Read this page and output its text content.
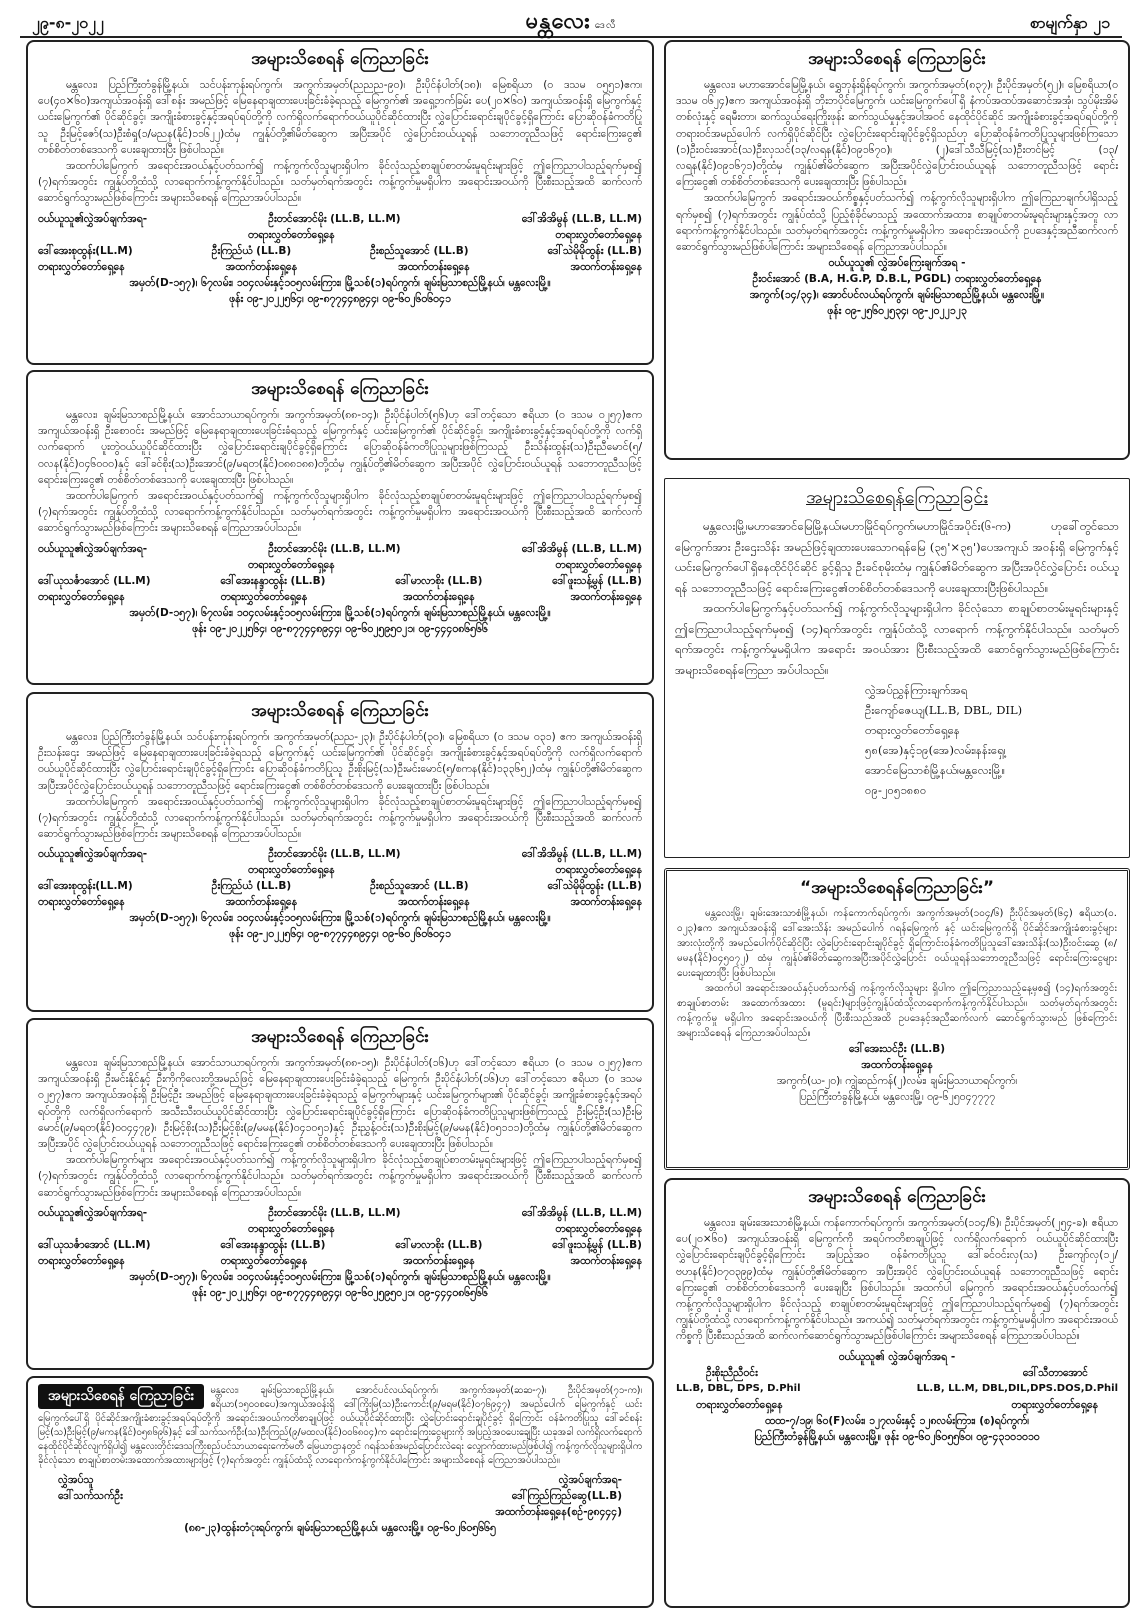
၂၉-၈-၂၀၂၂	မန္တလေး ဒေလီ	စာမျက်နှာ ၂၁
အများသိစေရန် ကြေညာခြင်း
မန္တလေး၊ ပြည်ကြီးတံခွန်မြို့နယ်၊ သင်ပန်းကုန်းရပ်ကွက်၊ အကွက်အမှတ်(ညညည-၉၀)၊ ဦးပိုင်နံပါတ်(၁၈)၊ မြေစရိယာ (၀ ဒသမ ၀၅၅၁)ဧက၊ ပေ(၄၀×၆၀)အကျယ်အဝန်းရှိ ဒေါ်စန်း အမည်ဖြင့် မြေနေရာချထားပေးခြင်းခံခဲ့ရသည့် မြေကွက်၏ အရှေ့ဘက်ခြမ်း ပေ(၂၀×၆၀) အကျယ်အဝန်းရှိ မြေကွက်နှင့် ယင်းမြေကွက်၏ ပိုင်ဆိုင်ခွင့်၊ အကျိုးခံစားခွင့်နှင့်အရပ်ရပ်တို့ကို လက်ရှိလက်ရောက်ဝယ်ယူပိုင်ဆိုင်ထားပြီး လွှဲပြောင်းရောင်းချပိုင်ခွင့်ရှိကြောင်း ပြောဆိုဝန်ခံကတိပြုသူ ဦးမြင့်ဇော်(သ)ဦးစံရှု(၁/မညန(နိုင်)၁၁၆၂၂)ထံမှ ကျွန်ုပ်တို့၏မိတ်ဆွေက အပြီးအပိုင် လွှဲပြောင်းဝယ်ယူရန် သဘောတူညီသဖြင့် ရောင်းကြေးငွေ၏ တစ်စိတ်တစ်ဒေသကို ပေးချေထားပြီး ဖြစ်ပါသည်။
အထက်ပါမြေကွက် အရောင်းအဝယ်နှင့်ပတ်သက်၍ ကန့်ကွက်လိုသူများရှိပါက ခိုင်လုံသည့်စာချုပ်စာတမ်းမူရင်းများဖြင့် ဤကြေညာပါသည့်ရက်မှစ၍ (၇)ရက်အတွင်း ကျွန်ုပ်တို့ထံသို့ လာရောက်ကန့်ကွက်နိုင်ပါသည်။ သတ်မှတ်ရက်အတွင်း ကန့်ကွက်မှုမရှိပါက အရောင်းအဝယ်ကို ပြီးစီးသည့်အထိ ဆက်လက်ဆောင်ရွက်သွားမည်ဖြစ်ကြောင်း အများသိစေရန် ကြေညာအပ်ပါသည်။
ဝယ်ယူသူ၏လွှဲအပ်ချက်အရ-	ဦးတင်အောင်မိုး (LL.B, LL.M)	ဒေါ်အိအိမွန် (LL.B, LL.M)
တရားလွှတ်တော်ရှေ့နေ	တရားလွှတ်တော်ရှေ့နေ
ဒေါ်အေးစုထွန်း(LL.M)	ဦးကြည်ယံ (LL.B)	ဦးစည်သူအောင် (LL.B)	ဒေါ်သဲမိုမိုထွန်း (LL.B)
တရားလွှတ်တော်ရှေ့နေ	အထက်တန်းရှေ့နေ	အထက်တန်းရှေ့နေ	အထက်တန်းရှေ့နေ
အမှတ်(D-၁၅၇)၊ ၆၇လမ်း၊ ၁၀၄လမ်းနှင့်၁၀၅လမ်းကြား၊ မြို့သစ်(၁)ရပ်ကွက်၊ ချမ်းမြသာစည်မြို့နယ်၊ မန္တလေးမြို့။
ဖုန်း ၀၉-၂၀၂၂၅၆၄၊ ၀၉-၈၇၇၄၄၈၉၄၄၊ ၀၉-၆၀၂၆၀၆၀၄၁
အများသိစေရန် ကြေညာခြင်း
မန္တလေး၊ ချမ်းမြသာစည်မြို့နယ်၊ အောင်သာယာရပ်ကွက်၊ အကွက်အမှတ်(၈၈-၁၄)၊ ဦးပိုင်နံပါတ်(၅၆)ဟု ဒေါ်တင့်သော ဧရိယာ (၀ ဒသမ ၀၂၅၇)ဧက အကျယ်အဝန်းရှိ ဦးစောဝင်း အမည်ဖြင့် မြေနေရာချထားပေးခြင်းခံရသည့် မြေကွက်နှင့် ယင်းမြေကွက်၏ ပိုင်ဆိုင်ခွင့်၊ အကျိုးခံစားခွင့်နှင့်အရပ်ရပ်တို့ကို လက်ရှိလက်ရောက် ပူးတွဲဝယ်ယူပိုင်ဆိုင်ထားပြီး လွှဲပြောင်းရောင်းချပိုင်ခွင့်ရှိကြောင်း ပြောဆိုဝန်ခံကတိပြုသူများဖြစ်ကြသည့် ဦးသိန်းထွန်း(သ)ဦးညီမောင်(၅/ဝလန(နိုင်)၀၄၆၀၀၀)နှင့် ဒေါ်ခင်စိုး(သ)ဦးအောင်(၉/မရတ(နိုင်)၀၈၈၁၈၈)တို့ထံမှ ကျွန်ုပ်တို့၏မိတ်ဆွေက အပြီးအပိုင် လွှဲပြောင်းဝယ်ယူရန် သဘောတူညီသဖြင့် ရောင်းကြေးငွေ၏ တစ်စိတ်တစ်ဒေသကို ပေးချေထားပြီး ဖြစ်ပါသည်။
အထက်ပါမြေကွက် အရောင်းအဝယ်နှင့်ပတ်သက်၍ ကန့်ကွက်လိုသူများရှိပါက ခိုင်လုံသည့်စာချုပ်စာတမ်းမူရင်းများဖြင့် ဤကြေညာပါသည့်ရက်မှစ၍ (၇)ရက်အတွင်း ကျွန်ုပ်တို့ထံသို့ လာရောက်ကန့်ကွက်နိုင်ပါသည်။ သတ်မှတ်ရက်အတွင်း ကန့်ကွက်မှုမရှိပါက အရောင်းအဝယ်ကို ပြီးစီးသည့်အထိ ဆက်လက်ဆောင်ရွက်သွားမည်ဖြစ်ကြောင်း အများသိစေရန် ကြေညာအပ်ပါသည်။
ဝယ်ယူသူ၏လွှဲအပ်ချက်အရ-	ဦးတင်အောင်မိုး (LL.B, LL.M)	ဒေါ်အိအိမွန် (LL.B, LL.M)
တရားလွှတ်တော်ရှေ့နေ	တရားလွှတ်တော်ရှေ့နေ
ဒေါ်ယုသင်္ဇာအောင် (LL.M)	ဒေါ်အေးနန္ဒာထွန်း (LL.B)	ဒေါ်မာလာစိုး (LL.B)	ဒေါ်ဖူးသန့်မွန် (LL.B)
တရားလွှတ်တော်ရှေ့နေ	တရားလွှတ်တော်ရှေ့နေ	အထက်တန်းရှေ့နေ	အထက်တန်းရှေ့နေ
အမှတ်(D-၁၅၇)၊ ၆၇လမ်း၊ ၁၀၄လမ်းနှင့်၁၀၅လမ်းကြား၊ မြို့သစ်(၁)ရပ်ကွက်၊ ချမ်းမြသာစည်မြို့နယ်၊ မန္တလေးမြို့။
ဖုန်း ၀၉-၂၀၂၂၅၆၄၊ ၀၉-၈၇၇၄၄၈၉၄၄၊ ၀၉-၆၀၂၅၉၅၀၂၁၊ ၀၉-၄၄၄၀၈၆၅၆၆
အများသိစေရန် ကြေညာခြင်း
မန္တလေး၊ ပြည်ကြီးတံခွန်မြို့နယ်၊ သင်ပန်းကုန်းရပ်ကွက်၊ အကွက်အမှတ်(ညည-၂၃)၊ ဦးပိုင်နံပါတ်(၃၀)၊ မြေစရိယာ (၀ ဒသမ ၀၃၁) ဧက အကျယ်အဝန်းရှိ ဦးသန်းဌေး အမည်ဖြင့် မြေနေရာချထားပေးခြင်းခံခဲ့ရသည့် မြေကွက်နှင့် ယင်းမြေကွက်၏ ပိုင်ဆိုင်ခွင့်၊ အကျိုးခံစားခွင့်နှင့်အရပ်ရပ်တို့ကို လက်ရှိလက်ရောက် ဝယ်ယူပိုင်ဆိုင်ထားပြီး လွှဲပြောင်းရောင်းချပိုင်ခွင့်ရှိကြောင်း ပြောဆိုဝန်ခံကတိပြုသူ ဦးစိုးမြင့်(သ)ဦးမင်းမောင်(၅/စကန(နိုင်)၁၃၃၆၅၂)ထံမှ ကျွန်ုပ်တို့၏မိတ်ဆွေက အပြီးအပိုင်လွှဲပြောင်းဝယ်ယူရန် သဘောတူညီသဖြင့် ရောင်းကြေးငွေ၏ တစ်စိတ်တစ်ဒေသကို ပေးချေထားပြီး ဖြစ်ပါသည်။
အထက်ပါမြေကွက် အရောင်းအဝယ်နှင့်ပတ်သက်၍ ကန့်ကွက်လိုသူများရှိပါက ခိုင်လုံသည့်စာချုပ်စာတမ်းမူရင်းများဖြင့် ဤကြေညာပါသည့်ရက်မှစ၍ (၇)ရက်အတွင်း ကျွန်ုပ်တို့ထံသို့ လာရောက်ကန့်ကွက်နိုင်ပါသည်။ သတ်မှတ်ရက်အတွင်း ကန့်ကွက်မှုမရှိပါက အရောင်းအဝယ်ကို ပြီးစီးသည့်အထိ ဆက်လက်ဆောင်ရွက်သွားမည်ဖြစ်ကြောင်း အများသိစေရန် ကြေညာအပ်ပါသည်။
ဝယ်ယူသူ၏လွှဲအပ်ချက်အရ-	ဦးတင်အောင်မိုး (LL.B, LL.M)	ဒေါ်အိအိမွန် (LL.B, LL.M)
တရားလွှတ်တော်ရှေ့နေ	တရားလွှတ်တော်ရှေ့နေ
ဒေါ်အေးစုထွန်း(LL.M)	ဦးကြည်ယံ (LL.B)	ဦးစည်သူအောင် (LL.B)	ဒေါ်သဲမိုမိုထွန်း (LL.B)
တရားလွှတ်တော်ရှေ့နေ	အထက်တန်းရှေ့နေ	အထက်တန်းရှေ့နေ	အထက်တန်းရှေ့နေ
အမှတ်(D-၁၅၇)၊ ၆၇လမ်း၊ ၁၀၄လမ်းနှင့်၁၀၅လမ်းကြား၊ မြို့သစ်(၁)ရပ်ကွက်၊ ချမ်းမြသာစည်မြို့နယ်၊ မန္တလေးမြို့။
ဖုန်း ၀၉-၂၀၂၂၅၆၄၊ ၀၉-၈၇၇၄၄၈၉၄၄၊ ၀၉-၆၀၂၆၀၆၀၄၁
အများသိစေရန် ကြေညာခြင်း
မန္တလေး၊ ချမ်းမြသာစည်မြို့နယ်၊ အောင်သာယာရပ်ကွက်၊ အကွက်အမှတ်(၈၈-၁၅)၊ ဦးပိုင်နံပါတ်(၁၆)ဟု ဒေါ်တင့်သော ဧရိယာ (၀ ဒသမ ၀၂၅၇)ဧက အကျယ်အဝန်းရှိ ဦးမင်းနိုင်နှင့် ဦးကိုကိုလေးတို့အမည်ဖြင့် မြေနေရာချထားပေးခြင်းခံခဲ့ရသည့် မြေကွက်၊ ဦးပိုင်နံပါတ်(၁၆)ဟု ဒေါ်တင့်သော ဧရိယာ (၀ ဒသမ ၀၂၅၇)ဧက အကျယ်အဝန်းရှိ ဦးမြင့်ဦး အမည်ဖြင့် မြေနေရာချထားပေးခြင်းခံခဲ့ရသည့် မြေကွက်များနှင့် ယင်းမြေကွက်များ၏ ပိုင်ဆိုင်ခွင့်၊ အကျိုးခံစားခွင့်နှင့်အရပ်ရပ်တို့ကို လက်ရှိလက်ရောက် အသီးသီးဝယ်ယူပိုင်ဆိုင်ထားပြီး လွှဲပြောင်းရောင်းချပိုင်ခွင့်ရှိကြောင်း ပြောဆိုဝန်ခံကတိပြုသူများဖြစ်ကြသည့် ဦးမြင့်ဦး(သ)ဦးမြမောင်(၉/မရတ(နိုင်)၀၀၄၄၇၉)၊ ဦးမြင့်စိုး(သ)ဦးမြင့်စိုး(၉/မမန(နိုင်)၀၄၁၀၅၁)နှင့် ဦးညွှန့်ဝင်း(သ)ဦးစိုးမြင့်(၉/မမန(နိုင်)၀၅၁၁၁)တို့ထံမှ ကျွန်ုပ်တို့၏မိတ်ဆွေက အပြီးအပိုင် လွှဲပြောင်းဝယ်ယူရန် သဘောတူညီသဖြင့် ရောင်းကြေးငွေ၏ တစ်စိတ်တစ်ဒေသကို ပေးချေထားပြီး ဖြစ်ပါသည်။
အထက်ပါမြေကွက်များ အရောင်းအဝယ်နှင့်ပတ်သက်၍ ကန့်ကွက်လိုသူများရှိပါက ခိုင်လုံသည့်စာချုပ်စာတမ်းမူရင်းများဖြင့် ဤကြေညာပါသည့်ရက်မှစ၍ (၇)ရက်အတွင်း ကျွန်ုပ်တို့ထံသို့ လာရောက်ကန့်ကွက်နိုင်ပါသည်။ သတ်မှတ်ရက်အတွင်း ကန့်ကွက်မှုမရှိပါက အရောင်းအဝယ်ကို ပြီးစီးသည့်အထိ ဆက်လက်ဆောင်ရွက်သွားမည်ဖြစ်ကြောင်း အများသိစေရန် ကြေညာအပ်ပါသည်။
ဝယ်ယူသူ၏လွှဲအပ်ချက်အရ-	ဦးတင်အောင်မိုး (LL.B, LL.M)	ဒေါ်အိအိမွန် (LL.B, LL.M)
တရားလွှတ်တော်ရှေ့နေ	တရားလွှတ်တော်ရှေ့နေ
ဒေါ်ယုသင်္ဇာအောင် (LL.M)	ဒေါ်အေးနန္ဒာထွန်း (LL.B)	ဒေါ်မာလာစိုး (LL.B)	ဒေါ်ဖူးသန့်မွန် (LL.B)
တရားလွှတ်တော်ရှေ့နေ	တရားလွှတ်တော်ရှေ့နေ	အထက်တန်းရှေ့နေ	အထက်တန်းရှေ့နေ
အမှတ်(D-၁၅၇)၊ ၆၇လမ်း၊ ၁၀၄လမ်းနှင့်၁၀၅လမ်းကြား၊ မြို့သစ်(၁)ရပ်ကွက်၊ ချမ်းမြသာစည်မြို့နယ်၊ မန္တလေးမြို့။
ဖုန်း ၀၉-၂၀၂၂၅၆၄၊ ၀၉-၈၇၇၄၄၈၉၄၄၊ ၀၉-၆၀၂၅၉၅၀၂၁၊ ၀၉-၄၄၄၀၈၆၅၆၆
အများသိစေရန် ကြေညာခြင်း	မန္တလေး၊ ချမ်းမြသာစည်မြို့နယ်၊ အောင်ပင်လယ်ရပ်ကွက်၊ အကွက်အမှတ်(ဆဆ-၇)၊ ဦးပိုင်အမှတ်(၇၁-က)၊ ဧရိယာ(၁၅၀၀စပေ)အကျယ်အဝန်းရှိ ဒေါ်ကြိုးမြ(သ)ဦးကောင်း(၉/မရမ(နိုင်)၀၇၆၉၄၇) အမည်ပေါက် မြေကွက်နှင့် ယင်းမြေကွက်ပေါ်ရှိ ပိုင်ဆိုင်အကျိုးခံစားခွင့်အရပ်ရပ်တို့ကို အရောင်းအဝယ်ကတိစာချုပ်ဖြင့် ဝယ်ယူပိုင်ဆိုင်ထားပြီး လွှဲပြောင်းရောင်းချပိုင်ခွင့် ရှိကြောင်း ဝန်ခံကတိပြုသူ ဒေါ်ခင်စန်းမြင့်(သ)ဦးမြင့်(၉/မကန(နိုင်)၀၅၈၆၉၆)နှင့် ဒေါ်သက်သက်ဦး(သ)ဦးကြည်(၉/မထလ(နိုင်)၀၀၆၈၀၄)က ရောင်းကြေးငွေများကို အပြည့်အဝပေးချေပြီး ယခုအခါ လက်ရှိလက်ရောက် နေထိုင်ပိုင်ဆိုင်လျက်ရှိပါ၍ မန္တလေးတိုင်းဒေသကြီးစည်ပင်သာယာရေးကော်မတီ မြေယာဌာနတွင် ဂရန်သစ်အမည်ပြောင်းလဲရေး လျှောက်ထားမည်ဖြစ်ပါ၍ ကန့်ကွက်လိုသူများရှိပါက ခိုင်လုံသော စာချုပ်စာတမ်းအထောက်အထားများဖြင့် (၇)ရက်အတွင်း ကျွန်ုပ်ထံသို့ လာရောက်ကန့်ကွက်နိုင်ပါကြောင်း အများသိစေရန် ကြေညာအပ်ပါသည်။
လွှဲအပ်သူ	လွှဲအပ်ချက်အရ-
ဒေါ်သက်သက်ဦး	ဒေါ်ကြည်ကြည်ဆွေ(LL.B)
အထက်တန်းရှေ့နေ(စဉ်-၉၈၄၄၄)
(၈၈-၂၃)ထွန်းတံုးရပ်ကွက်၊ ချမ်းမြသာစည်မြို့နယ်၊ မန္တလေးမြို့။ ၀၉-၆၀၂၆၀၅၆၆၅
အများသိစေရန် ကြေညာခြင်း
မန္တလေး၊ မဟာအောင်မြေမြို့နယ်၊ ရွှေဘုန်းရှိန်ရပ်ကွက်၊ အကွက်အမှတ်(၈၃၇)၊ ဦးပိုင်အမှတ်(၅၂)၊ မြေစရိယာ(၀ ဒသမ ၀၆၂၄)ဧက အကျယ်အဝန်းရှိ ဘိုးဘပိုင်မြေကွက်၊ ယင်းမြေကွက်ပေါ်ရှိ နံကပ်အထပ်အဆောင်အအုံ၊ သွပ်မိုးအိမ်တစ်လုံးနှင့် ရေမီးတာ၊ ဆက်သွယ်ရေးကြိုးဖုန်း ဆက်သွယ်မှုနှင့်အပါအဝင် နေထိုင်ပိုင်ဆိုင် အကျိုးခံစားခွင့်အရပ်ရပ်တို့ကို တရားဝင်အမည်ပေါက် လက်ရှိပိုင်ဆိုင်ပြီး လွှဲပြောင်းရောင်းချပိုင်ခွင့်ရှိသည်ဟု ပြောဆိုဝန်ခံကတိပြုသူများဖြစ်ကြသော (၁)ဦးဝင်းအောင်(သ)ဦးလှသင်(၁၃/လရန(နိုင်)၀၉၁၆၇၀)၊ (၂)ဒေါ်သီသီမြင့်(သ)ဦးတင်မြင့် (၁၃/လရန(နိုင်)၀၉၁၆၇၁)တို့ထံမှ ကျွန်ုပ်၏မိတ်ဆွေက အပြီးအပိုင်လွှဲပြောင်းဝယ်ယူရန် သဘောတူညီသဖြင့် ရောင်းကြေးငွေ၏ တစ်စိတ်တစ်ဒေသကို ပေးချေထားပြီး ဖြစ်ပါသည်။
အထက်ပါမြေကွက် အရောင်းအဝယ်ကိစ္စနှင့်ပတ်သက်၍ ကန့်ကွက်လိုသူများရှိပါက ဤကြေညာချက်ပါရှိသည့်ရက်မှစ၍ (၇)ရက်အတွင်း ကျွန်ုပ်ထံသို့ ပြည့်စုံခိုင်မာသည့် အထောက်အထား၊ စာချုပ်စာတမ်းမူရင်းများနှင့်အတူ လာရောက်ကန့်ကွက်နိုင်ပါသည်။ သတ်မှတ်ရက်အတွင်း ကန့်ကွက်မှုမရှိပါက အရောင်းအဝယ်ကို ဥပဒေနှင့်အညီဆက်လက်ဆောင်ရွက်သွားမည်ဖြစ်ပါကြောင်း အများသိစေရန် ကြေညာအပ်ပါသည်။
ဝယ်ယူသူ၏ လွှဲအပ်ကြေးချက်အရ -
ဦးဝင်းအောင် (B.A, H.G.P, D.B.L, PGDL) တရားလွှတ်တော်ရှေ့နေ
အကွက်(၁၄/၃၄)၊ အောင်ပင်လယ်ရပ်ကွက်၊ ချမ်းမြသာစည်မြို့နယ်၊ မန္တလေးမြို့။
ဖုန်း ၀၉-၂၅၆၀၂၅၃၄၊ ၀၉-၂၀၂၂၁၂၃
အများသိစေရန်ကြေညာခြင်း
မန္တလေးမြို့၊မဟာအောင်မြေမြို့နယ်၊မဟာမြိုင်ရပ်ကွက်၊မဟာမြိုင်အပိုင်း(၆-က) ဟုခေါ်တွင်သောမြေကွက်အား ဦးဌေးသိန်း အမည်ဖြင့်ချထားပေးသောဂရန်မြေ (၃၅'×၃၅')ပေအကျယ် အဝန်းရှိ မြေကွက်နှင့်ယင်းမြေကွက်ပေါ်ရှိနေထိုင်ပိုင်ဆိုင် ခွင့်ရှိသူ ဦးခင်စုမိုးထံမှ ကျွန်ုပ်၏မိတ်ဆွေက အပြီးအပိုင်လွှဲပြောင်း ဝယ်ယူရန် သဘောတူညီသဖြင့် ရောင်းကြေးငွေ၏တစ်စိတ်တစ်ဒေသကို ပေးချေထားပြီးဖြစ်ပါသည်။
အထက်ပါမြေကွက်နှင့်ပတ်သက်၍ ကန့်ကွက်လိုသူများရှိပါက ခိုင်လုံသော စာချုပ်စာတမ်းမူရင်းများနှင့်ဤကြေညာပါသည့်ရက်မှစ၍ (၁၄)ရက်အတွင်း ကျွန်ုပ်ထံသို့ လာရောက် ကန့်ကွက်နိုင်ပါသည်။ သတ်မှတ်ရက်အတွင်း ကန့်ကွက်မှုမရှိပါက အရောင်း အဝယ်အား ပြီးစီးသည့်အထိ ဆောင်ရွက်သွားမည်ဖြစ်ကြောင်း အများသိစေရန်ကြေညာ အပ်ပါသည်။
လွှဲအပ်ညွှန်ကြားချက်အရ
ဦးကျော်ဇေယျ(LL.B, DBL, DIL)
တရားလွှတ်တော်ရှေ့နေ
၅၈(အေ)နှင့်၁၉(အေ)လမ်း၊နန်းရှေ့၊
အောင်မြေသာစံမြို့နယ်၊မန္တလေးမြို့။
၀၉-၂၀၅၁၈၈၀
“အများသိစေရန်ကြေညာခြင်း”
မန္တလေးမြို့၊ ချမ်းအေးသာစံမြို့နယ်၊ ကန်ကောက်ရပ်ကွက်၊ အကွက်အမှတ်(၁၀၄/၆) ဦးပိုင်အမှတ်(၆၄) ဧရိယာ(၀. ၀၂၃)ဧက အကျယ်အဝန်းရှိ ဒေါ်အေးသိန်း အမည်ပေါက် ဂရန်မြေကွက် နှင့် ယင်းမြေကွက်ရှိ ပိုင်ဆိုင်အကျိုးခံစားခွင့်များ အားလုံးတို့ကို အမည်ပေါက်ပိုင်ဆိုင်ပြီး လွှဲပြောင်းရောင်းချပိုင်ခွင့် ရှိကြောင်းဝန်ခံကတိပြုသူဒေါ်အေးသိန်း(သ)ဦးဝင်းဆွေ (၈/မမန(နိုင်)၀၄၅၀၇၂) ထံမှ ကျွန်ုပ်၏မိတ်ဆွေကအပြီးအပိုင်လွှဲပြောင်း ဝယ်ယူရန်သဘောတူညီသဖြင့် ရောင်းကြေးငွေများ ပေးချေထားပြီး ဖြစ်ပါသည်။
အထက်ပါ အရောင်းအဝယ်နှင့်ပတ်သက်၍ ကန့်ကွက်လိုသူများ ရှိပါက ဤကြေညာသည့်နေ့မှစ၍ (၁၄)ရက်အတွင်း စာချုပ်စာတမ်း အထောက်အထား (မူရင်း)များဖြင့်ကျွန်ုပ်ထံသို့လာရောက်ကန့်ကွက်နိုင်ပါသည်။ သတ်မှတ်ရက်အတွင်း ကန့်ကွက်မှု မရှိပါက အရောင်းအဝယ်ကို ပြီးစီးသည်အထိ ဥပဒေနှင့်အညီဆက်လက် ဆောင်ရွက်သွားမည် ဖြစ်ကြောင်း အများသိစေရန် ကြေညာအပ်ပါသည်။
ဒေါ်အေးသင်ဦး (LL.B)
အထက်တန်းရှေ့နေ
အကွက်(ယ-၂၀)၊ ကျွဲဆည်ကန်(၂)လမ်း၊ ချမ်းမြသာယာရပ်ကွက်၊
ပြည်ကြီးတံခွန်မြို့နယ်၊ မန္တလေးမြို့၊ ၀၉-၆၂၅၀၄၇၇၇၇
အများသိစေရန် ကြေညာခြင်း
မန္တလေး၊ ချမ်းအေးသာစံမြို့နယ်၊ ကန်ကောက်ရပ်ကွက်၊ အကွက်အမှတ်(၁၁၄/၆)၊ ဦးပိုင်အမှတ်(၂၅၄-ခ)၊ ဧရိယာ ပေ(၂၀×၆၀) အကျယ်အဝန်းရှိ မြေကွက်ကို အရပ်ကတိစာချုပ်ဖြင့် လက်ရှိလက်ရောက် ဝယ်ယူပိုင်ဆိုင်ထားပြီး လွှဲပြောင်းရောင်းချပိုင်ခွင့်ရှိကြောင်း အပြည့်အဝ ဝန်ခံကတိပြုသူ ဒေါ်ခင်ဝင်းလှ(သ) ဦးကျော်လှ(၁၂/ဗဟန(နိုင်)၀၇၀၃၉၉)ထံမှ ကျွန်ုပ်တို့၏မိတ်ဆွေက အပြီးအပိုင် လွှဲပြောင်းဝယ်ယူရန် သဘောတူညီသဖြင့် ရောင်းကြေးငွေ၏ တစ်စိတ်တစ်ဒေသကို ပေးချေပြီး ဖြစ်ပါသည်။ အထက်ပါ မြေကွက် အရောင်းအဝယ်နှင့်ပတ်သက်၍ ကန့်ကွက်လိုသူများရှိပါက ခိုင်လုံသည့် စာချုပ်စာတမ်းမူရင်းများဖြင့် ဤကြေညာပါသည့်ရက်မှစ၍ (၇)ရက်အတွင်း ကျွန်ုပ်တို့ထံသို့ လာရောက်ကန့်ကွက်နိုင်ပါသည်။ အကယ်၍ သတ်မှတ်ရက်အတွင်း ကန့်ကွက်မှုမရှိပါက အရောင်းအဝယ်ကိစ္စကို ပြီးစီးသည်အထိ ဆက်လက်ဆောင်ရွက်သွားမည်ဖြစ်ပါကြောင်း အများသိစေရန် ကြေညာအပ်ပါသည်။
ဝယ်ယူသူ၏ လွှဲအပ်ချက်အရ -
ဦးစိုးညီညီဝင်း	ဒေါ်သီတာအောင်
LL.B, DBL, DPS, D.Phil	LL.B, LL.M, DBL,DIL,DPS.DOS,D.Phil
တရားလွှတ်တော်ရှေ့နေ	တရားလွှတ်တော်ရှေ့နေ
ထထ-၇/၁၉၊ ၆၀(F)လမ်း၊ ၁၂၇လမ်းနှင့် ၁၂၈လမ်းကြား၊ (စ)ရပ်ကွက်၊
ပြည်ကြီးတံခွန်မြို့နယ်၊ မန္တလေးမြို့။ ဖုန်း ၀၉-၆၀၂၆၀၅၅၆၀၊ ၀၉-၄၃၁၀၁၀၁၀
